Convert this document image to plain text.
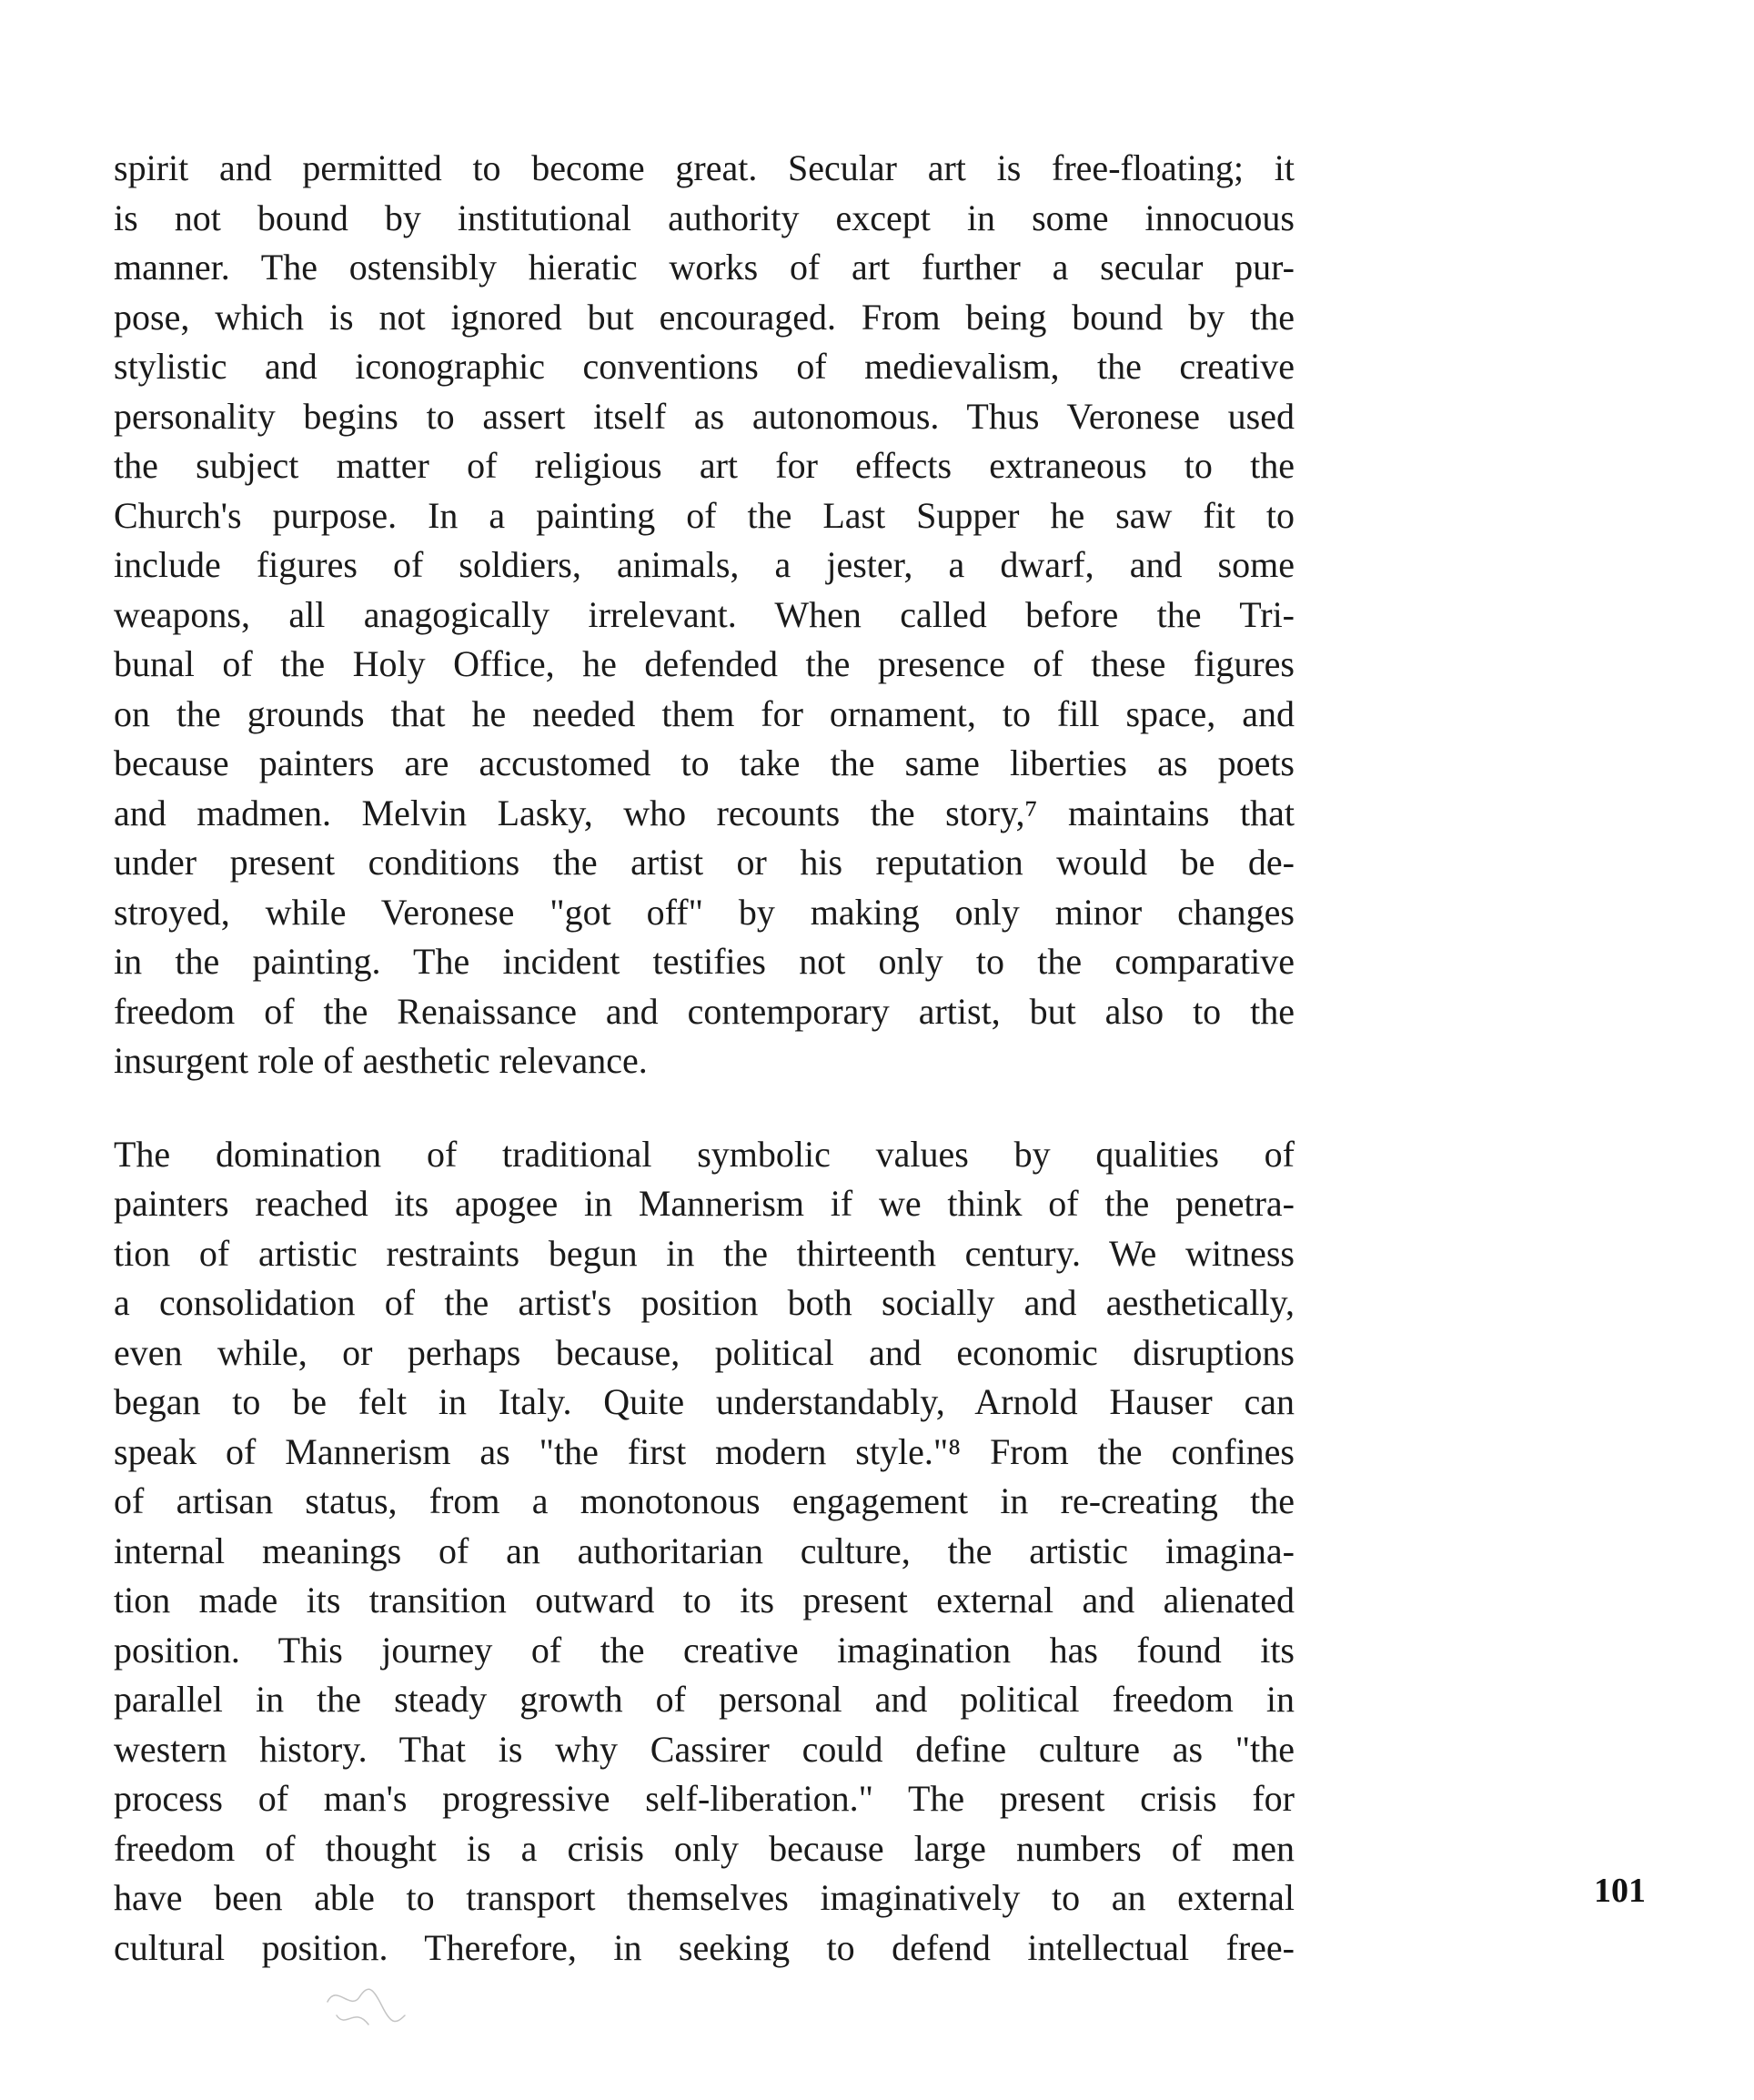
spirit and permitted to become great. Secular art is free-floating; it
is not bound by institutional authority except in some innocuous
manner. The ostensibly hieratic works of art further a secular pur-
pose, which is not ignored but encouraged. From being bound by the
stylistic and iconographic conventions of medievalism, the creative
personality begins to assert itself as autonomous. Thus Veronese used
the subject matter of religious art for effects extraneous to the
Church's purpose. In a painting of the Last Supper he saw fit to
include figures of soldiers, animals, a jester, a dwarf, and some
weapons, all anagogically irrelevant. When called before the Tri-
bunal of the Holy Office, he defended the presence of these figures
on the grounds that he needed them for ornament, to fill space, and
because painters are accustomed to take the same liberties as poets
and madmen. Melvin Lasky, who recounts the story,⁷ maintains that
under present conditions the artist or his reputation would be de-
stroyed, while Veronese "got off" by making only minor changes
in the painting. The incident testifies not only to the comparative
freedom of the Renaissance and contemporary artist, but also to the
insurgent role of aesthetic relevance.
The domination of traditional symbolic values by qualities of
painters reached its apogee in Mannerism if we think of the penetra-
tion of artistic restraints begun in the thirteenth century. We witness
a consolidation of the artist's position both socially and aesthetically,
even while, or perhaps because, political and economic disruptions
began to be felt in Italy. Quite understandably, Arnold Hauser can
speak of Mannerism as "the first modern style."⁸ From the confines
of artisan status, from a monotonous engagement in re-creating the
internal meanings of an authoritarian culture, the artistic imagina-
tion made its transition outward to its present external and alienated
position. This journey of the creative imagination has found its
parallel in the steady growth of personal and political freedom in
western history. That is why Cassirer could define culture as "the
process of man's progressive self-liberation." The present crisis for
freedom of thought is a crisis only because large numbers of men
have been able to transport themselves imaginatively to an external
cultural position. Therefore, in seeking to defend intellectual free-
101
